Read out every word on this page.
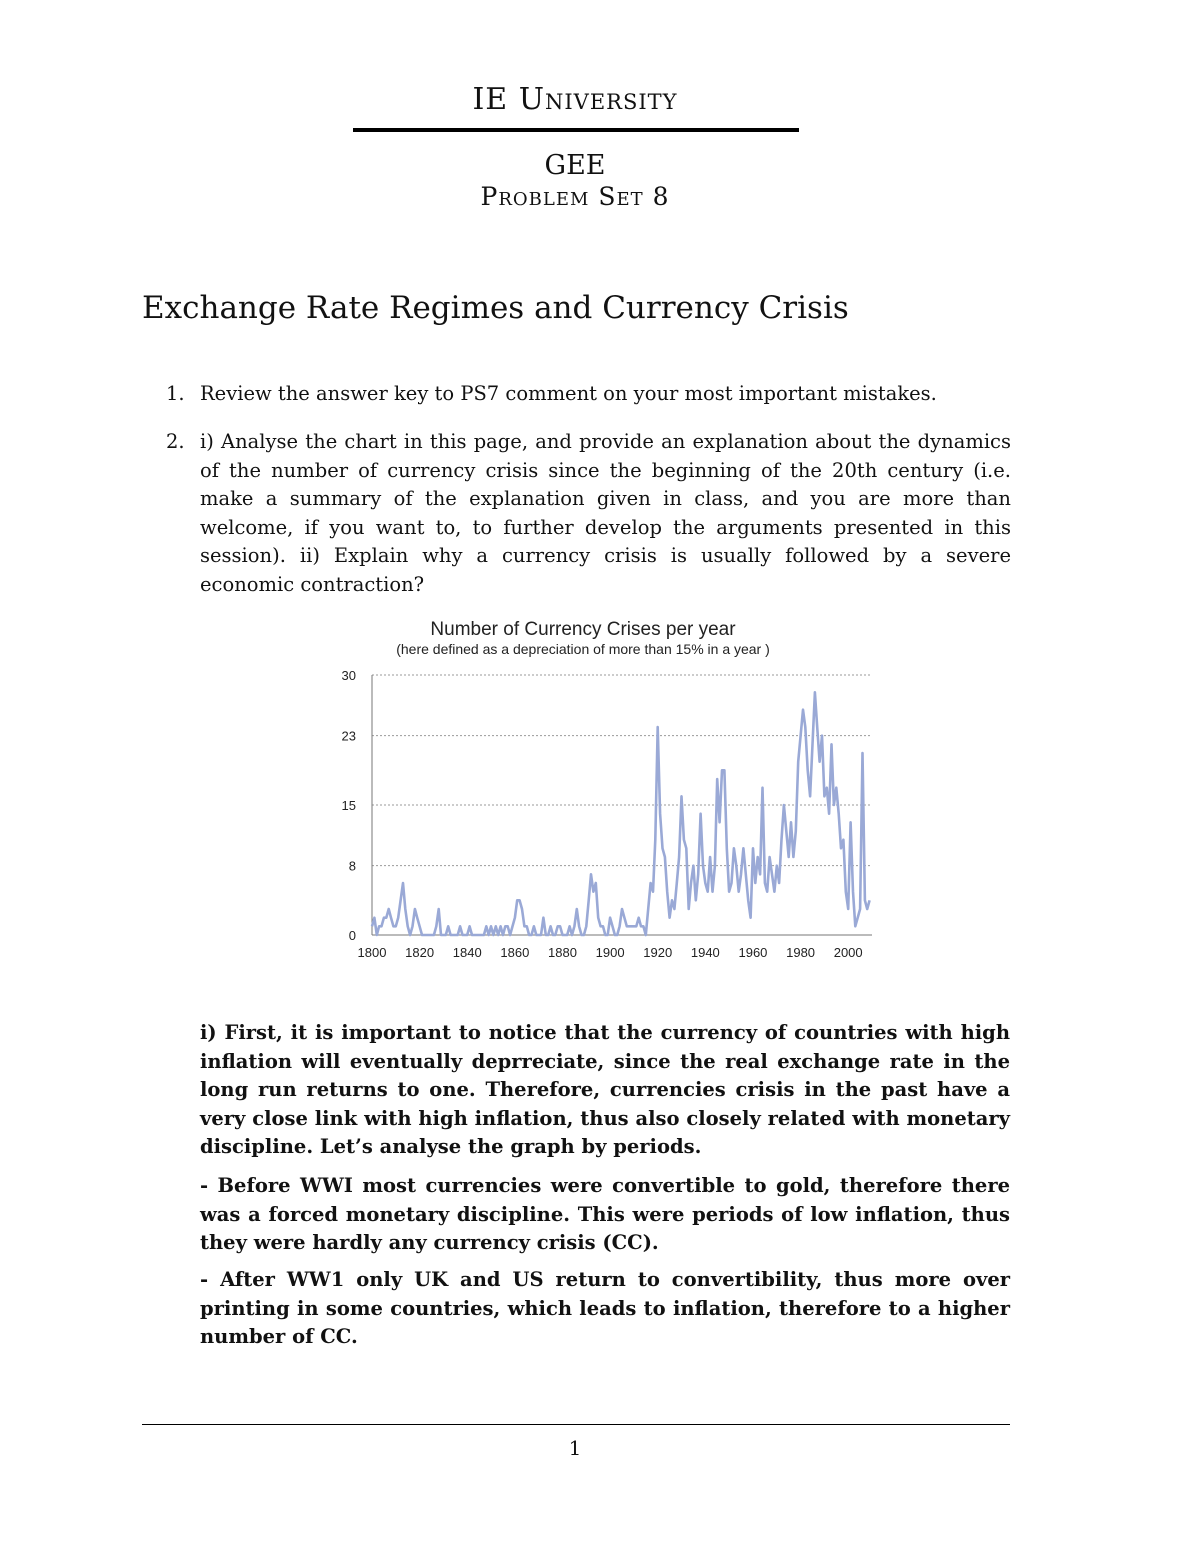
IE University
GEE
Problem Set 8
Exchange Rate Regimes and Currency Crisis
1. Review the answer key to PS7 comment on your most important mistakes.
2. i) Analyse the chart in this page, and provide an explanation about the dynamics of the number of currency crisis since the beginning of the 20th century (i.e. make a summary of the explanation given in class, and you are more than welcome, if you want to, to further develop the arguments presented in this session). ii) Explain why a currency crisis is usually followed by a severe economic contraction?
Number of Currency Crises per year
(here defined as a depreciation of more than 15% in a year )
0
8
15
23
30
1800 1820 1840 1860 1880 1900 1920 1940 1960 1980 2000
i) First, it is important to notice that the currency of countries with high inflation will eventually deprreciate, since the real exchange rate in the long run returns to one. Therefore, currencies crisis in the past have a very close link with high inflation, thus also closely related with monetary discipline. Let’s analyse the graph by periods.
- Before WWI most currencies were convertible to gold, therefore there was a forced monetary discipline. This were periods of low inflation, thus they were hardly any currency crisis (CC).
- After WW1 only UK and US return to convertibility, thus more over printing in some countries, which leads to inflation, therefore to a higher number of CC.
1
